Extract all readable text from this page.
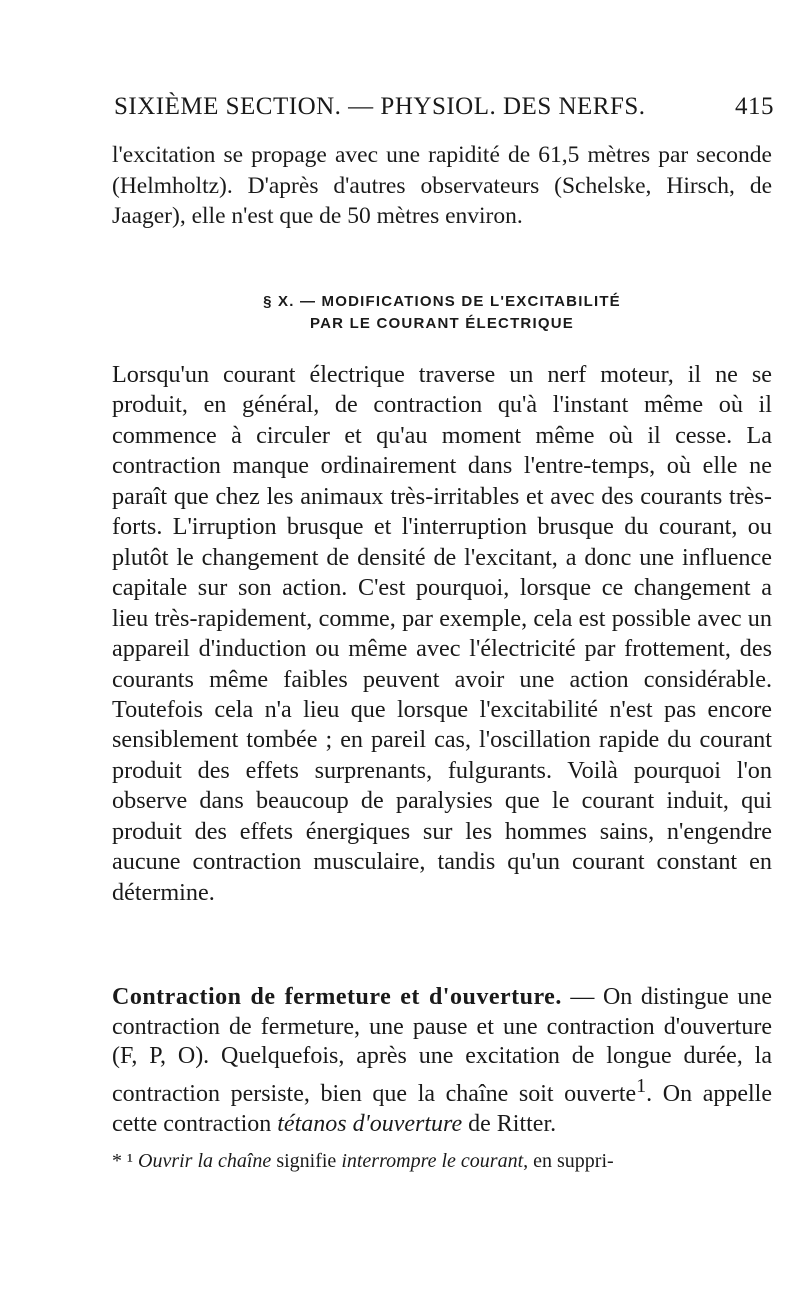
SIXIÈME SECTION. — PHYSIOL. DES NERFS.	415
l'excitation se propage avec une rapidité de 61,5 mètres par seconde (Helmholtz). D'après d'autres observateurs (Schelske, Hirsch, de Jaager), elle n'est que de 50 mètres environ.
§ X. — MODIFICATIONS DE L'EXCITABILITÉ
PAR LE COURANT ÉLECTRIQUE
Lorsqu'un courant électrique traverse un nerf moteur, il ne se produit, en général, de contraction qu'à l'instant même où il commence à circuler et qu'au moment même où il cesse. La contraction manque ordinairement dans l'entre-temps, où elle ne paraît que chez les animaux très-irritables et avec des courants très-forts. L'irruption brusque et l'interruption brusque du courant, ou plutôt le changement de densité de l'excitant, a donc une influence capitale sur son action. C'est pourquoi, lorsque ce changement a lieu très-rapidement, comme, par exemple, cela est possible avec un appareil d'induction ou même avec l'électricité par frottement, des courants même faibles peuvent avoir une action considérable. Toutefois cela n'a lieu que lorsque l'excitabilité n'est pas encore sensiblement tombée ; en pareil cas, l'oscillation rapide du courant produit des effets surprenants, fulgurants. Voilà pourquoi l'on observe dans beaucoup de paralysies que le courant induit, qui produit des effets énergiques sur les hommes sains, n'engendre aucune contraction musculaire, tandis qu'un courant constant en détermine.
Contraction de fermeture et d'ouverture. — On distingue une contraction de fermeture, une pause et une contraction d'ouverture (F, P, O). Quelquefois, après une excitation de longue durée, la contraction persiste, bien que la chaîne soit ouverte$^1$. On appelle cette contraction tétanos d'ouverture de Ritter.
* ¹ Ouvrir la chaîne signifie interrompre le courant, en suppri-
